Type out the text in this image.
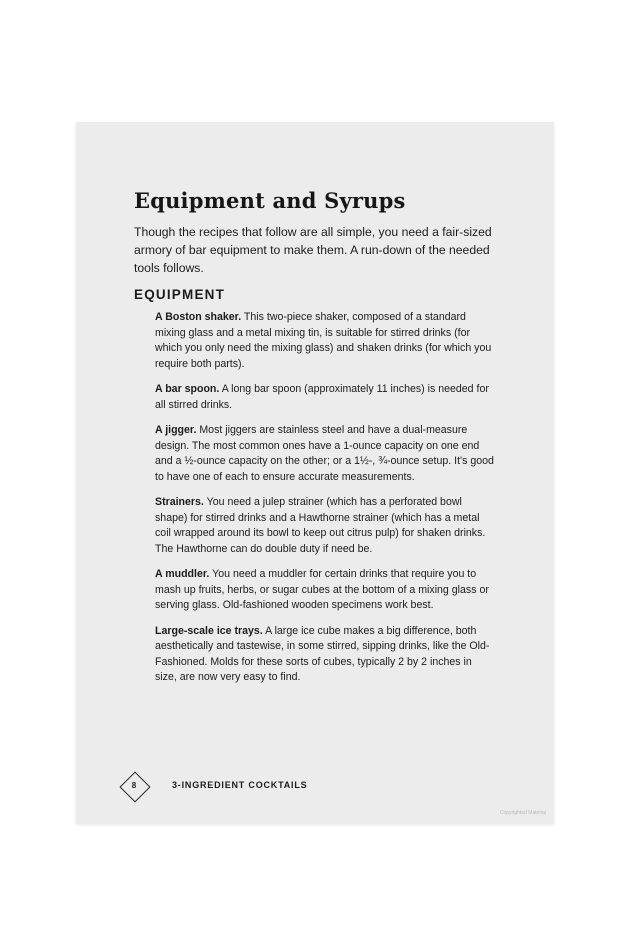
Equipment and Syrups

Though the recipes that follow are all simple, you need a fair-sized armory of bar equipment to make them. A run-down of the needed tools follows.

EQUIPMENT

A Boston shaker. This two-piece shaker, composed of a standard mixing glass and a metal mixing tin, is suitable for stirred drinks (for which you only need the mixing glass) and shaken drinks (for which you require both parts).

A bar spoon. A long bar spoon (approximately 11 inches) is needed for all stirred drinks.

A jigger. Most jiggers are stainless steel and have a dual-measure design. The most common ones have a 1-ounce capacity on one end and a ½-ounce capacity on the other; or a 1½-, ¾-ounce setup. It's good to have one of each to ensure accurate measurements.

Strainers. You need a julep strainer (which has a perforated bowl shape) for stirred drinks and a Hawthorne strainer (which has a metal coil wrapped around its bowl to keep out citrus pulp) for shaken drinks. The Hawthorne can do double duty if need be.

A muddler. You need a muddler for certain drinks that require you to mash up fruits, herbs, or sugar cubes at the bottom of a mixing glass or serving glass. Old-fashioned wooden specimens work best.

Large-scale ice trays. A large ice cube makes a big difference, both aesthetically and tastewise, in some stirred, sipping drinks, like the Old-Fashioned. Molds for these sorts of cubes, typically 2 by 2 inches in size, are now very easy to find.

8	3-INGREDIENT COCKTAILS
Copyrighted Material
